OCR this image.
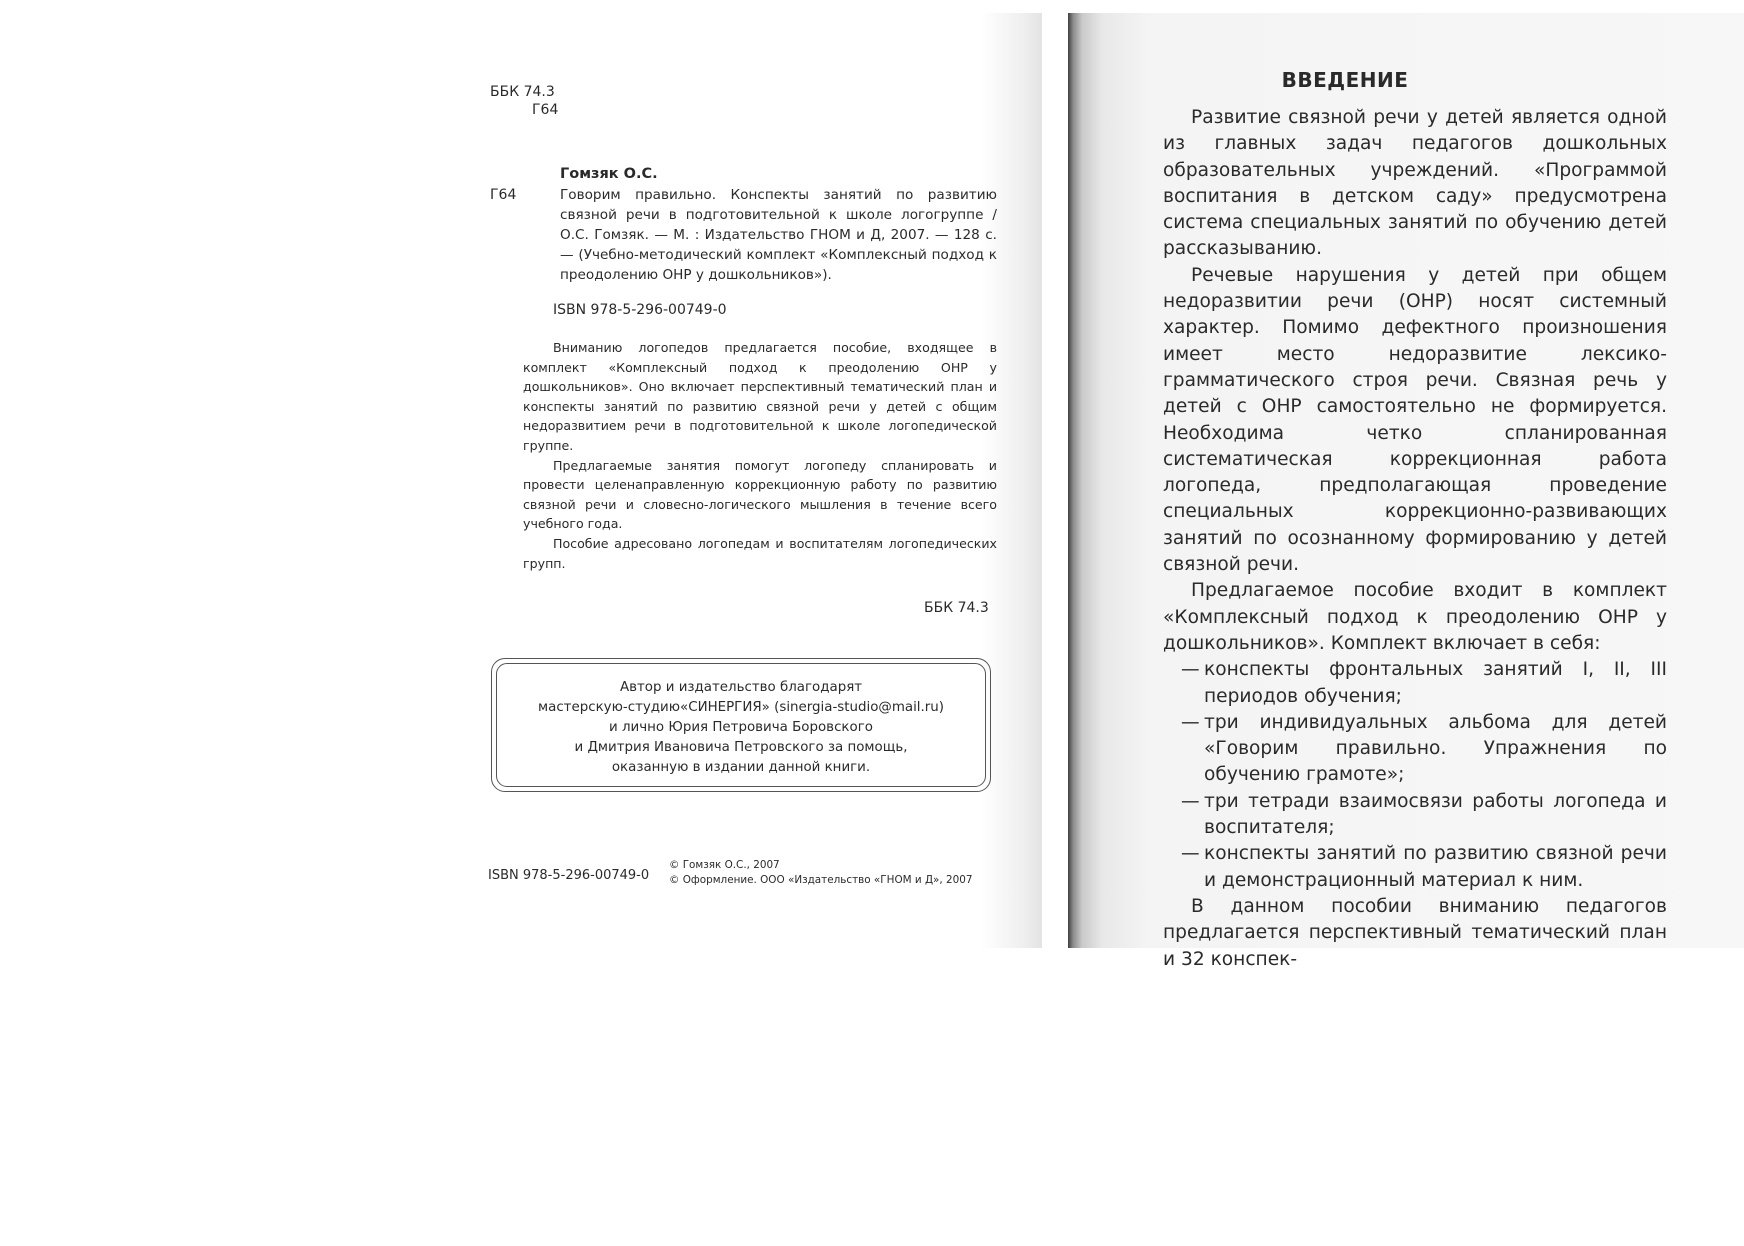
ББК 74.3
Г64
Гомзяк О.С.
Г64	Говорим правильно. Конспекты занятий по развитию связной речи в подготовительной к школе логогруппе / О.С. Гомзяк. — М. : Издательство ГНОМ и Д, 2007. — 128 с. — (Учебно-методический комплект «Комплексный подход к преодолению ОНР у дошкольников»).
ISBN 978-5-296-00749-0

Вниманию логопедов предлагается пособие, входящее в комплект «Комплексный подход к преодолению ОНР у дошкольников». Оно включает перспективный тематический план и конспекты занятий по развитию связной речи у детей с общим недоразвитием речи в подготовительной к школе логопедической группе.

Предлагаемые занятия помогут логопеду спланировать и провести целенаправленную коррекционную работу по развитию связной речи и словесно-логического мышления в течение всего учебного года.

Пособие адресовано логопедам и воспитателям логопедических групп.

ББК 74.3
Автор и издательство благодарят
мастерскую-студию«СИНЕРГИЯ» (sinergia-studio@mail.ru)
и лично Юрия Петровича Боровского
и Дмитрия Ивановича Петровского за помощь,
оказанную в издании данной книги.
ISBN 978-5-296-00749-0
© Гомзяк О.С., 2007
© Оформление. ООО «Издательство «ГНОМ и Д», 2007
ВВЕДЕНИЕ

Развитие связной речи у детей является одной из главных задач педагогов дошкольных образовательных учреждений. «Программой воспитания в детском саду» предусмотрена система специальных занятий по обучению детей рассказыванию.

Речевые нарушения у детей при общем недоразвитии речи (ОНР) носят системный характер. Помимо дефектного произношения имеет место недоразвитие лексико-грамматического строя речи. Связная речь у детей с ОНР самостоятельно не формируется. Необходима четко спланированная систематическая коррекционная работа логопеда, предполагающая проведение специальных коррекционно-развивающих занятий по осознанному формированию у детей связной речи.

Предлагаемое пособие входит в комплект «Комплексный подход к преодолению ОНР у дошкольников». Комплект включает в себя:

— конспекты фронтальных занятий I, II, III периодов обучения;
— три индивидуальных альбома для детей «Говорим правильно. Упражнения по обучению грамоте»;
— три тетради взаимосвязи работы логопеда и воспитателя;
— конспекты занятий по развитию связной речи и демонстрационный материал к ним.

В данном пособии вниманию педагогов предлагается перспективный тематический план и 32 конспек-
